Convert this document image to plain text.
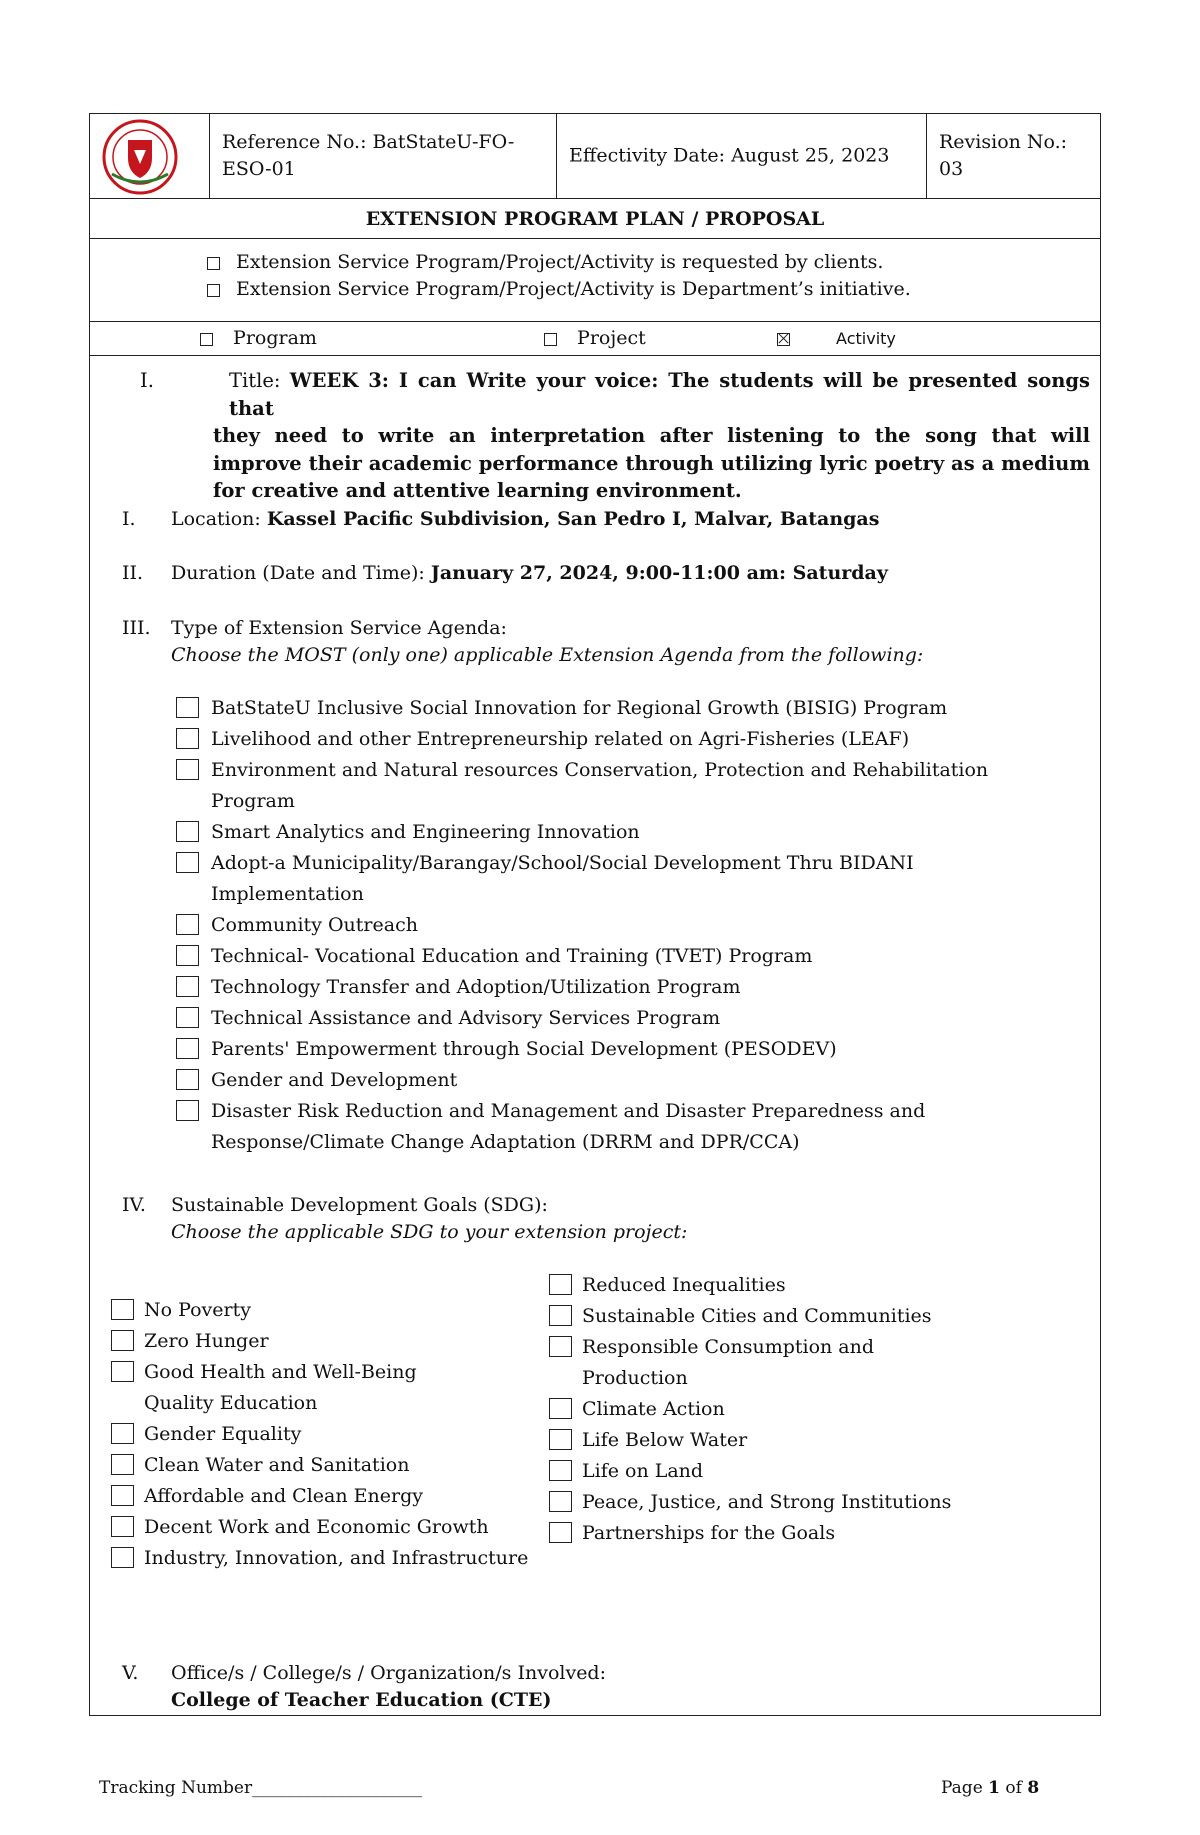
Reference No.: BatStateU-FO-ESO-01
Effectivity Date: August 25, 2023
Revision No.: 03
EXTENSION PROGRAM PLAN / PROPOSAL
Extension Service Program/Project/Activity is requested by clients.
Extension Service Program/Project/Activity is Department’s initiative.
Program	Project	Activity
I.	Title: WEEK 3: I can Write your voice: The students will be presented songs that
they need to write an interpretation after listening to the song that will improve their academic performance through utilizing lyric poetry as a medium for creative and attentive learning environment.
I. Location: Kassel Pacific Subdivision, San Pedro I, Malvar, Batangas
II. Duration (Date and Time): January 27, 2024, 9:00-11:00 am: Saturday
III. Type of Extension Service Agenda:
Choose the MOST (only one) applicable Extension Agenda from the following:
BatStateU Inclusive Social Innovation for Regional Growth (BISIG) Program
Livelihood and other Entrepreneurship related on Agri-Fisheries (LEAF)
Environment and Natural resources Conservation, Protection and Rehabilitation
Program
Smart Analytics and Engineering Innovation
Adopt-a Municipality/Barangay/School/Social Development Thru BIDANI
Implementation
Community Outreach
Technical- Vocational Education and Training (TVET) Program
Technology Transfer and Adoption/Utilization Program
Technical Assistance and Advisory Services Program
Parents' Empowerment through Social Development (PESODEV)
Gender and Development
Disaster Risk Reduction and Management and Disaster Preparedness and
Response/Climate Change Adaptation (DRRM and DPR/CCA)
IV. Sustainable Development Goals (SDG):
Choose the applicable SDG to your extension project:
No Poverty
Zero Hunger
Good Health and Well-Being
Quality Education
Gender Equality
Clean Water and Sanitation
Affordable and Clean Energy
Decent Work and Economic Growth
Industry, Innovation, and Infrastructure
Reduced Inequalities
Sustainable Cities and Communities
Responsible Consumption and
Production
Climate Action
Life Below Water
Life on Land
Peace, Justice, and Strong Institutions
Partnerships for the Goals
V. Office/s / College/s / Organization/s Involved:
College of Teacher Education (CTE)
Tracking Number____________________	Page 1 of 8
